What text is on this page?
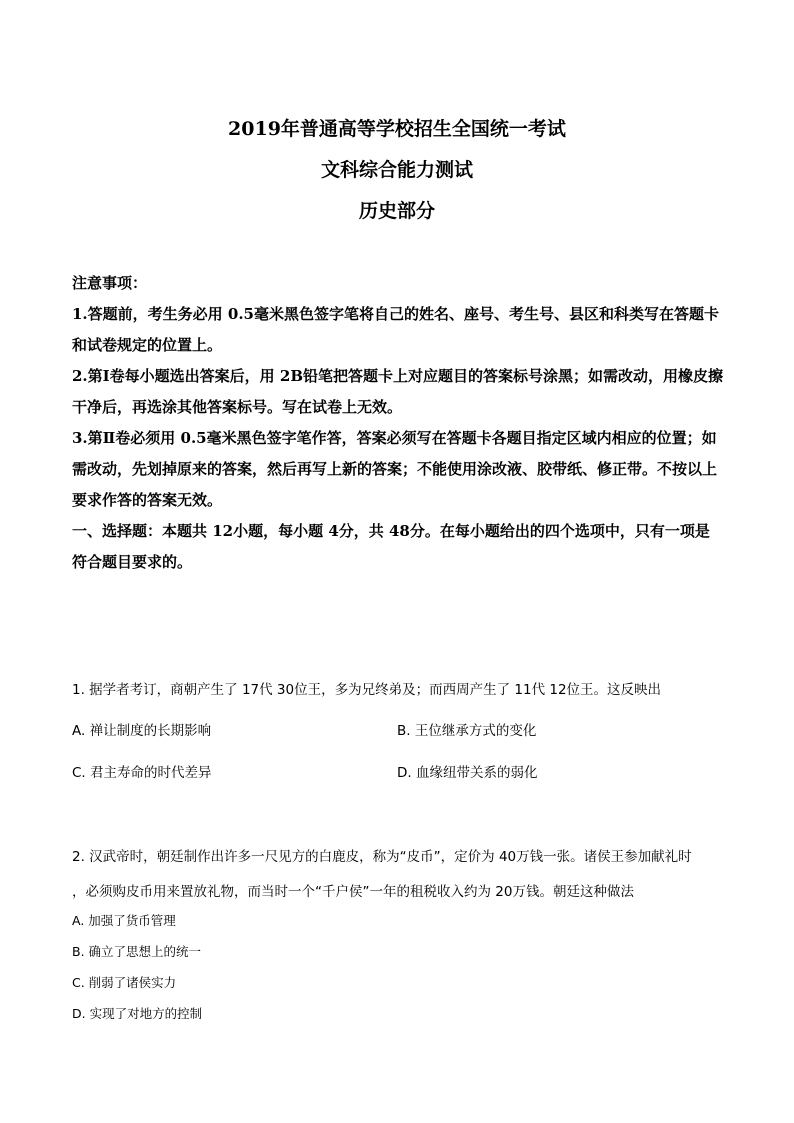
2019年普通高等学校招生全国统一考试
文科综合能力测试
历史部分

注意事项：

1.答题前，考生务必用 0.5毫米黑色签字笔将自己的姓名、座号、考生号、县区和科类写在答题卡和试卷规定的位置上。

2.第Ⅰ卷每小题选出答案后，用 2B铅笔把答题卡上对应题目的答案标号涂黑；如需改动，用橡皮擦干净后，再选涂其他答案标号。写在试卷上无效。

3.第Ⅱ卷必须用 0.5毫米黑色签字笔作答，答案必须写在答题卡各题目指定区域内相应的位置；如需改动，先划掉原来的答案，然后再写上新的答案；不能使用涂改液、胶带纸、修正带。不按以上要求作答的答案无效。

一、选择题：本题共 12小题，每小题 4分，共 48分。在每小题给出的四个选项中，只有一项是符合题目要求的。

1. 据学者考订，商朝产生了 17代 30位王，多为兄终弟及；而西周产生了 11代 12位王。这反映出
A. 禅让制度的长期影响	B. 王位继承方式的变化
C. 君主寿命的时代差异	D. 血缘纽带关系的弱化
2. 汉武帝时，朝廷制作出许多一尺见方的白鹿皮，称为“皮币”，定价为 40万钱一张。诸侯王参加献礼时
，必须购皮币用来置放礼物，而当时一个“千户侯”一年的租税收入约为 20万钱。朝廷这种做法
A. 加强了货币管理
B. 确立了思想上的统一
C. 削弱了诸侯实力
D. 实现了对地方的控制
